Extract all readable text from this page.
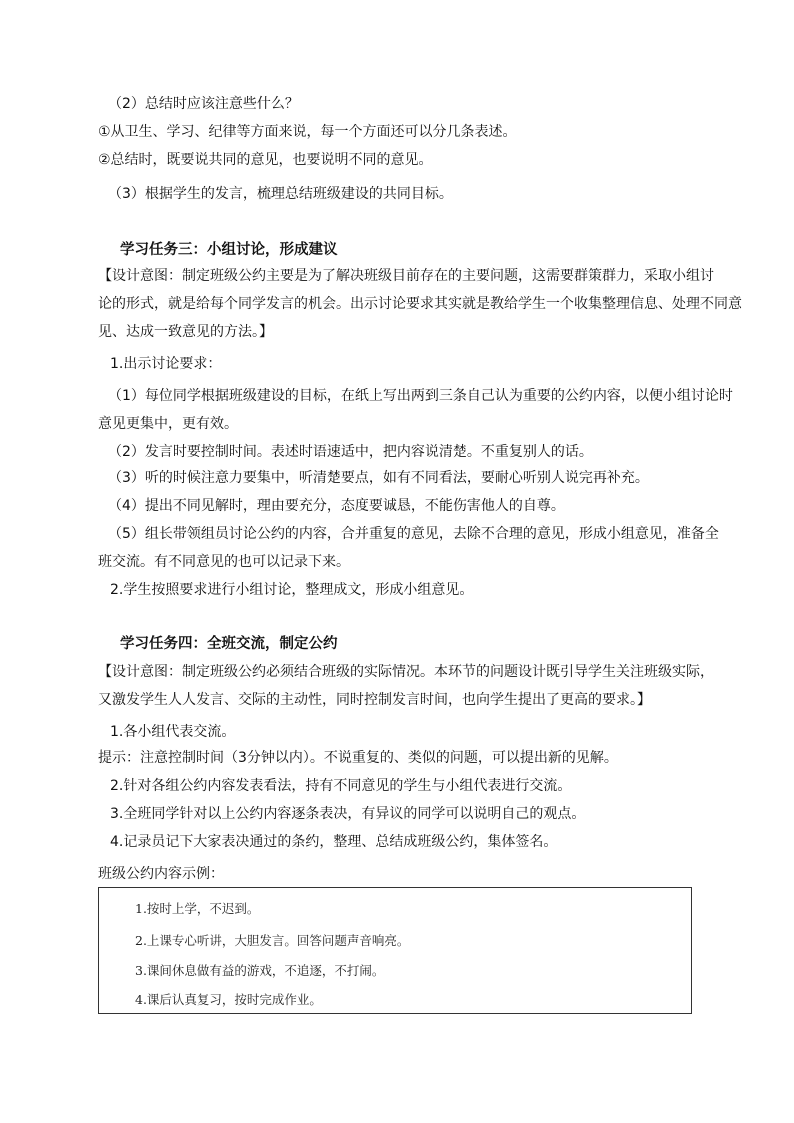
（2）总结时应该注意些什么？
①从卫生、学习、纪律等方面来说，每一个方面还可以分几条表述。
②总结时，既要说共同的意见，也要说明不同的意见。
（3）根据学生的发言，梳理总结班级建设的共同目标。
学习任务三：小组讨论，形成建议
【设计意图：制定班级公约主要是为了解决班级目前存在的主要问题，这需要群策群力，采取小组讨
论的形式，就是给每个同学发言的机会。出示讨论要求其实就是教给学生一个收集整理信息、处理不同意
见、达成一致意见的方法。】
1.出示讨论要求：
（1）每位同学根据班级建设的目标，在纸上写出两到三条自己认为重要的公约内容，以便小组讨论时
意见更集中，更有效。
（2）发言时要控制时间。表述时语速适中，把内容说清楚。不重复别人的话。
（3）听的时候注意力要集中，听清楚要点，如有不同看法，要耐心听别人说完再补充。
（4）提出不同见解时，理由要充分，态度要诚恳，不能伤害他人的自尊。
（5）组长带领组员讨论公约的内容，合并重复的意见，去除不合理的意见，形成小组意见，准备全
班交流。有不同意见的也可以记录下来。
2.学生按照要求进行小组讨论，整理成文，形成小组意见。
学习任务四：全班交流，制定公约
【设计意图：制定班级公约必须结合班级的实际情况。本环节的问题设计既引导学生关注班级实际，
又激发学生人人发言、交际的主动性，同时控制发言时间，也向学生提出了更高的要求。】
1.各小组代表交流。
提示：注意控制时间（3分钟以内）。不说重复的、类似的问题，可以提出新的见解。
2.针对各组公约内容发表看法，持有不同意见的学生与小组代表进行交流。
3.全班同学针对以上公约内容逐条表决，有异议的同学可以说明自己的观点。
4.记录员记下大家表决通过的条约，整理、总结成班级公约，集体签名。
班级公约内容示例：
1.按时上学，不迟到。
2.上课专心听讲，大胆发言。回答问题声音响亮。
3.课间休息做有益的游戏，不追逐，不打闹。
4.课后认真复习，按时完成作业。
